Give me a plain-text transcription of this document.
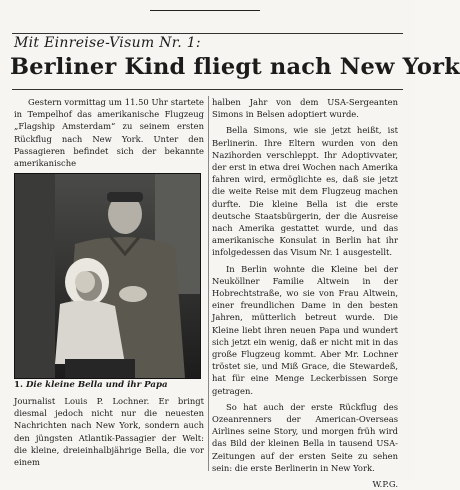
Mit Einreise-Visum Nr. 1:
Berliner Kind fliegt nach New York

Gestern vormittag um 11.50 Uhr startete in Tempelhof das amerikanische Flugzeug „Flagship Amsterdam“ zu seinem ersten Rückflug nach New York. Unter den Passagieren befindet sich der bekannte amerikanische

1. Die kleine Bella und ihr Papa

Journalist Louis P. Lochner. Er bringt diesmal jedoch nicht nur die neuesten Nachrichten nach New York, sondern auch den jüngsten Atlantik-Passagier der Welt: die kleine, dreieinhalbjährige Bella, die vor einem

halben Jahr von dem USA-Sergeanten Simons in Belsen adoptiert wurde.

Bella Simons, wie sie jetzt heißt, ist Berlinerin. Ihre Eltern wurden von den Nazihorden verschleppt. Ihr Adoptivvater, der erst in etwa drei Wochen nach Amerika fahren wird, ermöglichte es, daß sie jetzt die weite Reise mit dem Flugzeug machen durfte. Die kleine Bella ist die erste deutsche Staatsbürgerin, der die Ausreise nach Amerika gestattet wurde, und das amerikanische Konsulat in Berlin hat ihr infolgedessen das Visum Nr. 1 ausgestellt.

In Berlin wohnte die Kleine bei der Neuköllner Familie Altwein in der Hobrechtstraße, wo sie von Frau Altwein, einer freundlichen Dame in den besten Jahren, mütterlich betreut wurde. Die Kleine liebt ihren neuen Papa und wundert sich jetzt ein wenig, daß er nicht mit in das große Flugzeug kommt. Aber Mr. Lochner tröstet sie, und Miß Grace, die Stewardeß, hat für eine Menge Leckerbissen Sorge getragen.

So hat auch der erste Rückflug des Ozeanrenners der American-Overseas Airlines seine Story, und morgen früh wird das Bild der kleinen Bella in tausend USA-Zeitungen auf der ersten Seite zu sehen sein: die erste Berlinerin in New York.

W.P.G.
